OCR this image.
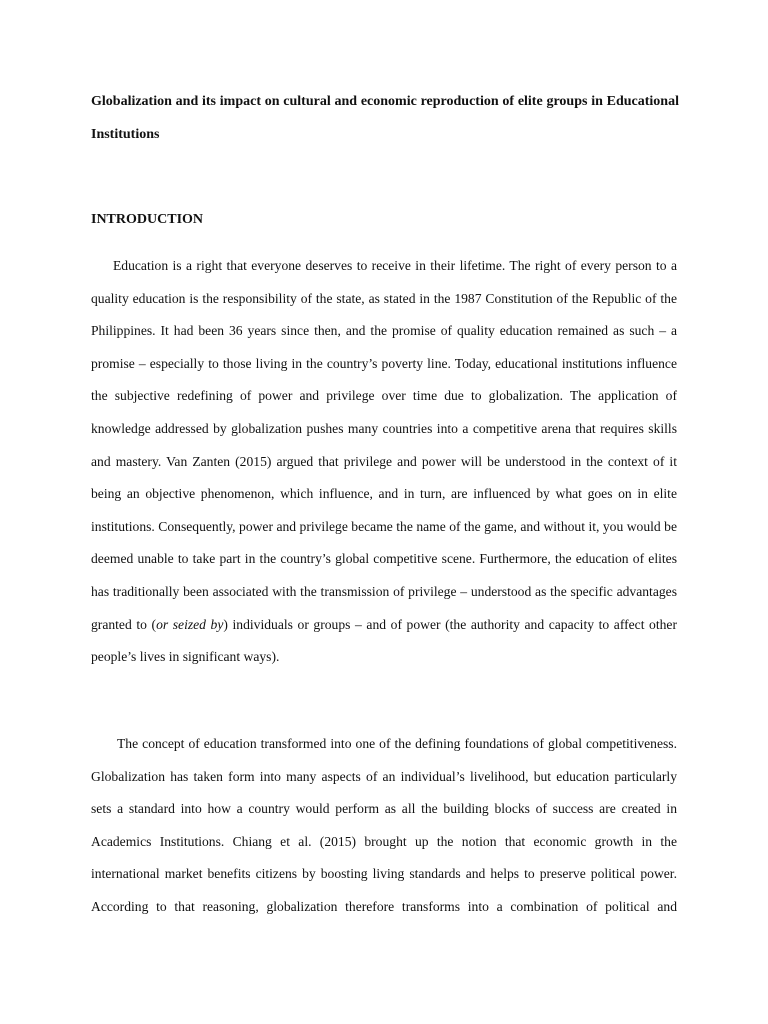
Globalization and its impact on cultural and economic reproduction of elite groups in Educational Institutions

INTRODUCTION

Education is a right that everyone deserves to receive in their lifetime. The right of every person to a quality education is the responsibility of the state, as stated in the 1987 Constitution of the Republic of the Philippines. It had been 36 years since then, and the promise of quality education remained as such – a promise – especially to those living in the country’s poverty line. Today, educational institutions influence the subjective redefining of power and privilege over time due to globalization. The application of knowledge addressed by globalization pushes many countries into a competitive arena that requires skills and mastery. Van Zanten (2015) argued that privilege and power will be understood in the context of it being an objective phenomenon, which influence, and in turn, are influenced by what goes on in elite institutions. Consequently, power and privilege became the name of the game, and without it, you would be deemed unable to take part in the country’s global competitive scene. Furthermore, the education of elites has traditionally been associated with the transmission of privilege – understood as the specific advantages granted to (or seized by) individuals or groups – and of power (the authority and capacity to affect other people’s lives in significant ways).

The concept of education transformed into one of the defining foundations of global competitiveness. Globalization has taken form into many aspects of an individual’s livelihood, but education particularly sets a standard into how a country would perform as all the building blocks of success are created in Academics Institutions. Chiang et al. (2015) brought up the notion that economic growth in the international market benefits citizens by boosting living standards and helps to preserve political power. According to that reasoning, globalization therefore transforms into a combination of political and
